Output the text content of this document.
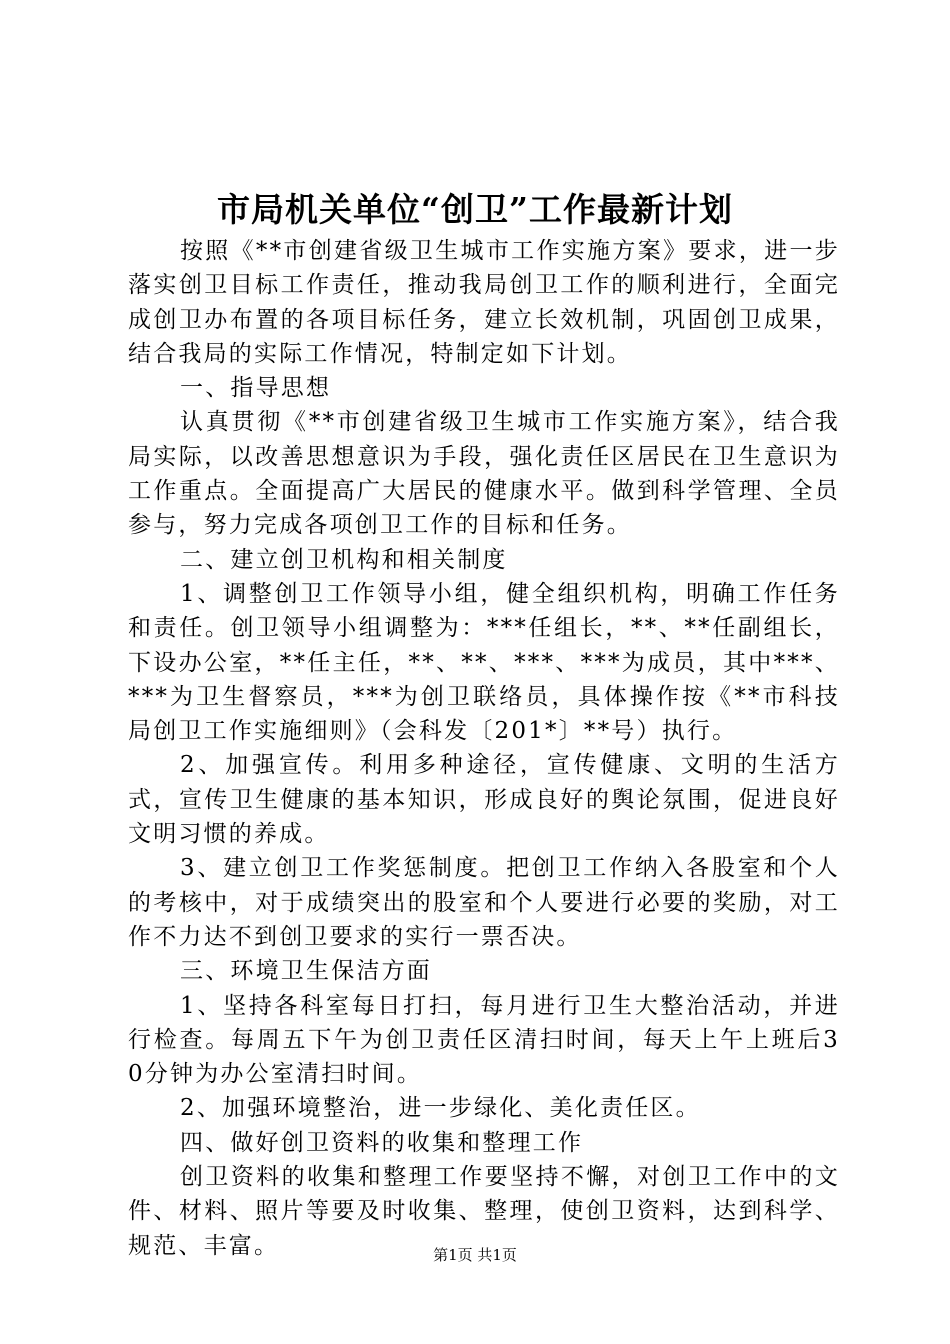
市局机关单位“创卫”工作最新计划

按照《**市创建省级卫生城市工作实施方案》要求，进一步落实创卫目标工作责任，推动我局创卫工作的顺利进行，全面完成创卫办布置的各项目标任务，建立长效机制，巩固创卫成果，结合我局的实际工作情况，特制定如下计划。

一、指导思想

认真贯彻《**市创建省级卫生城市工作实施方案》，结合我局实际，以改善思想意识为手段，强化责任区居民在卫生意识为工作重点。全面提高广大居民的健康水平。做到科学管理、全员参与，努力完成各项创卫工作的目标和任务。

二、建立创卫机构和相关制度

1、调整创卫工作领导小组，健全组织机构，明确工作任务和责任。创卫领导小组调整为：***任组长，**、**任副组长，下设办公室，**任主任，**、**、***、***为成员，其中***、***为卫生督察员，***为创卫联络员，具体操作按《**市科技局创卫工作实施细则》（会科发〔201*〕**号）执行。

2、加强宣传。利用多种途径，宣传健康、文明的生活方式，宣传卫生健康的基本知识，形成良好的舆论氛围，促进良好文明习惯的养成。

3、建立创卫工作奖惩制度。把创卫工作纳入各股室和个人的考核中，对于成绩突出的股室和个人要进行必要的奖励，对工作不力达不到创卫要求的实行一票否决。

三、环境卫生保洁方面

1、坚持各科室每日打扫，每月进行卫生大整治活动，并进行检查。每周五下午为创卫责任区清扫时间，每天上午上班后30分钟为办公室清扫时间。

2、加强环境整治，进一步绿化、美化责任区。

四、做好创卫资料的收集和整理工作

创卫资料的收集和整理工作要坚持不懈，对创卫工作中的文件、材料、照片等要及时收集、整理，使创卫资料，达到科学、规范、丰富。	第1页 共1页
